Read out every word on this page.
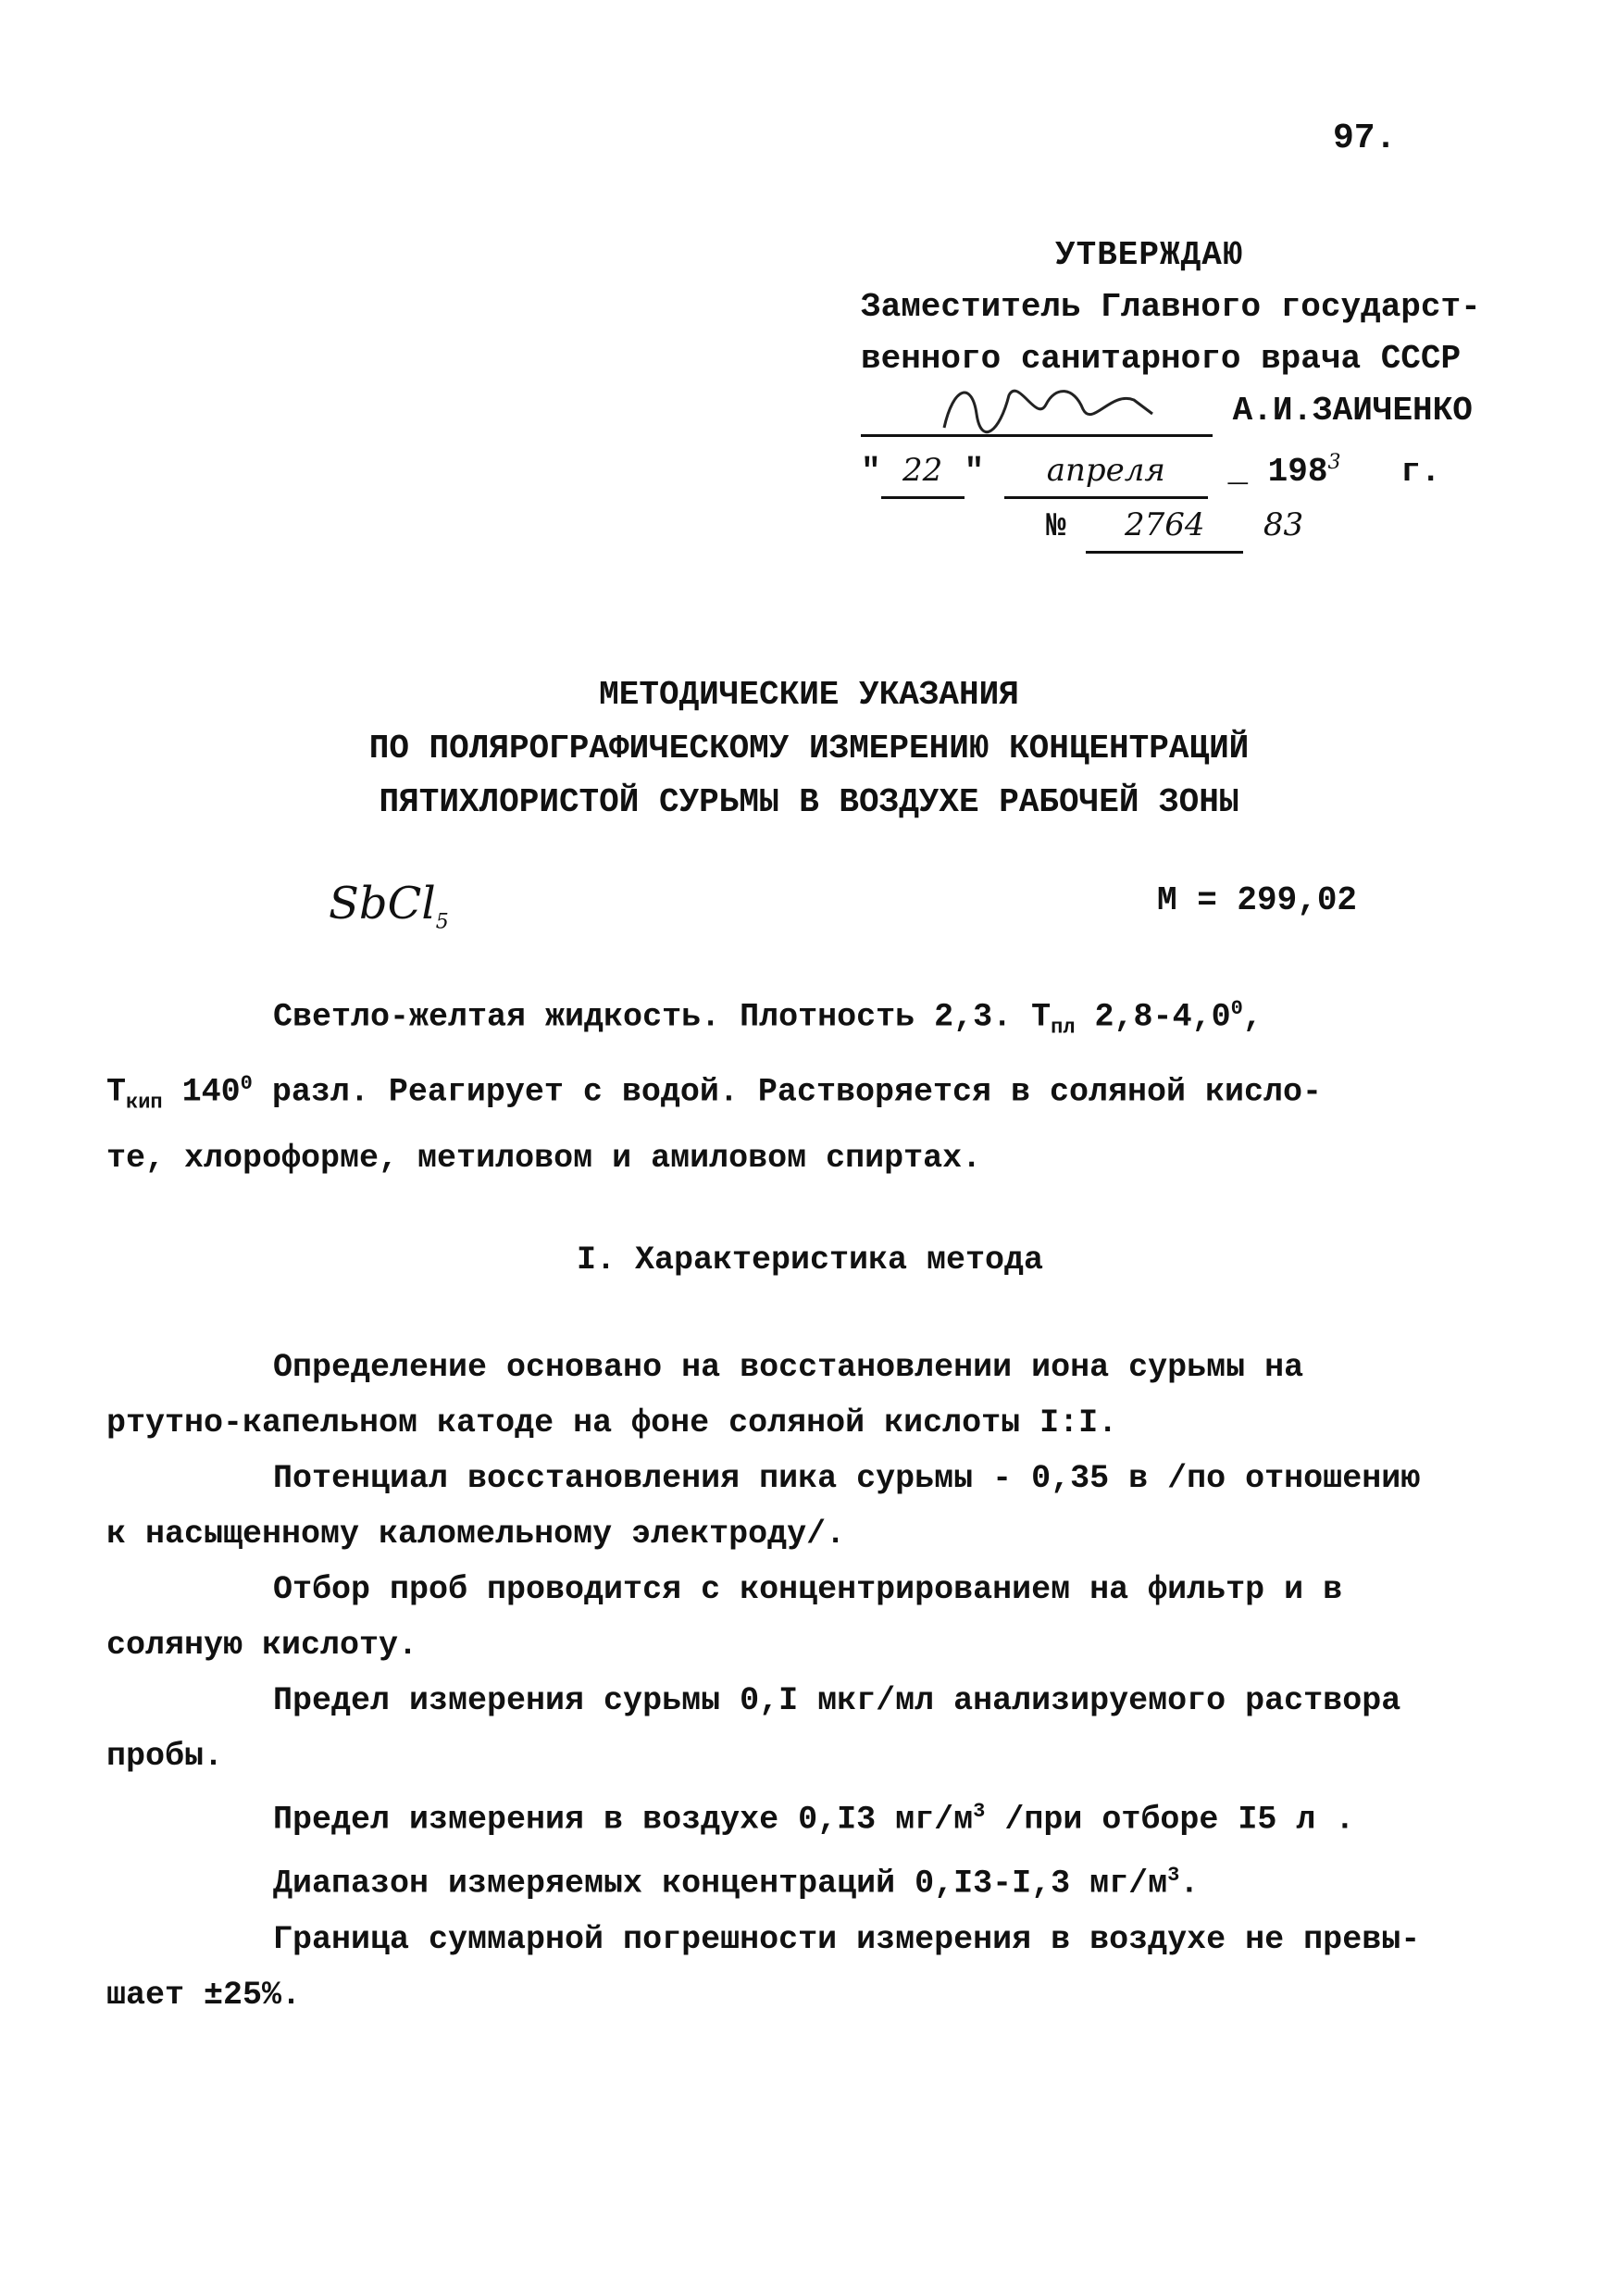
97.
УТВЕРЖДАЮ
Заместитель Главного государст-
венного санитарного врача СССР
А.И.ЗАИЧЕНКО
" 22 " апреля _ $198^3$ г.
№ 2764 83
МЕТОДИЧЕСКИЕ УКАЗАНИЯ
ПО ПОЛЯРОГРАФИЧЕСКОМУ ИЗМЕРЕНИЮ КОНЦЕНТРАЦИЙ
ПЯТИХЛОРИСТОЙ СУРЬМЫ В ВОЗДУХЕ РАБОЧЕЙ ЗОНЫ
SbCl$_5$
М = 299,02

Светло-желтая жидкость. Плотность 2,3. $T_{пл}$ $2,8-4,0^0$,

$T_{кип}$ $140^0$ разл. Реагирует с водой. Растворяется в соляной кисло-

те, хлороформе, метиловом и амиловом спиртах.

I. Характеристика метода

Определение основано на восстановлении иона сурьмы на

ртутно-капельном катоде на фоне соляной кислоты I:I.

Потенциал восстановления пика сурьмы - 0,35 в /по отношению

к насыщенному каломельному электроду/.

Отбор проб проводится с концентрированием на фильтр и в

соляную кислоту.

Предел измерения сурьмы 0,I мкг/мл анализируемого раствора

пробы.

Предел измерения в воздухе 0,I3 $мг/м^3$ /при отборе I5 л .

Диапазон измеряемых концентраций 0,I3-I,3 $мг/м^3$.

Граница суммарной погрешности измерения в воздухе не превы-

шает ±25%.
